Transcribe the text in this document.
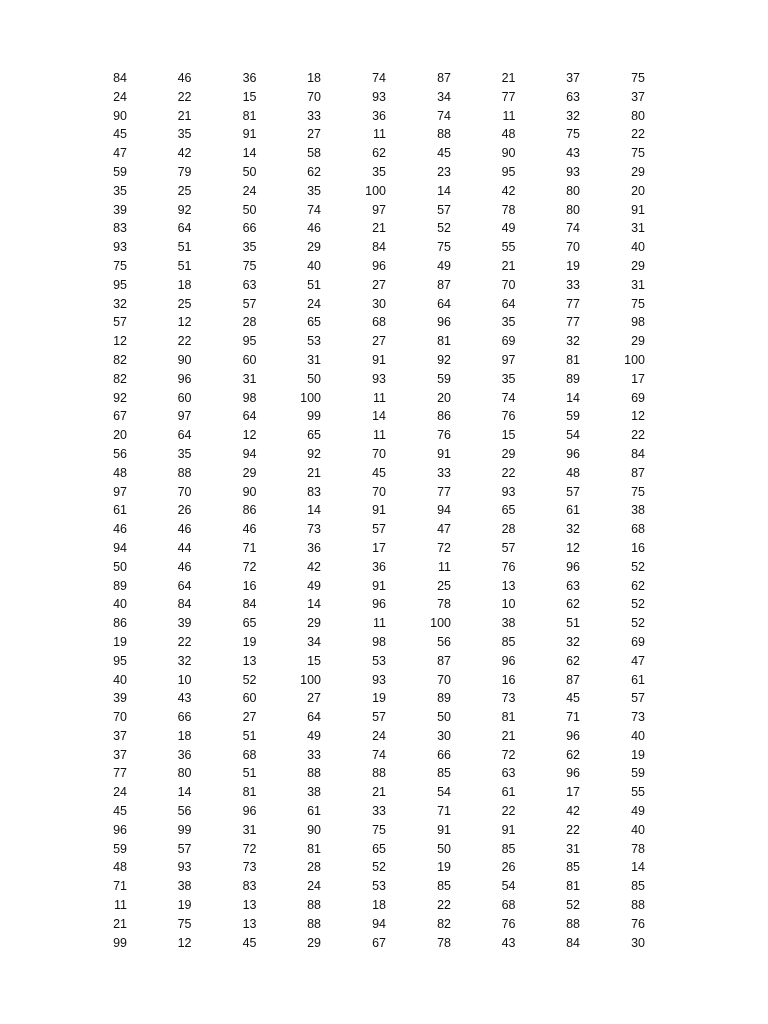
84	46	36	18	74	87	21	37	75
24	22	15	70	93	34	77	63	37
90	21	81	33	36	74	11	32	80
45	35	91	27	11	88	48	75	22
47	42	14	58	62	45	90	43	75
59	79	50	62	35	23	95	93	29
35	25	24	35	100	14	42	80	20
39	92	50	74	97	57	78	80	91
83	64	66	46	21	52	49	74	31
93	51	35	29	84	75	55	70	40
75	51	75	40	96	49	21	19	29
95	18	63	51	27	87	70	33	31
32	25	57	24	30	64	64	77	75
57	12	28	65	68	96	35	77	98
12	22	95	53	27	81	69	32	29
82	90	60	31	91	92	97	81	100
82	96	31	50	93	59	35	89	17
92	60	98	100	11	20	74	14	69
67	97	64	99	14	86	76	59	12
20	64	12	65	11	76	15	54	22
56	35	94	92	70	91	29	96	84
48	88	29	21	45	33	22	48	87
97	70	90	83	70	77	93	57	75
61	26	86	14	91	94	65	61	38
46	46	46	73	57	47	28	32	68
94	44	71	36	17	72	57	12	16
50	46	72	42	36	11	76	96	52
89	64	16	49	91	25	13	63	62
40	84	84	14	96	78	10	62	52
86	39	65	29	11	100	38	51	52
19	22	19	34	98	56	85	32	69
95	32	13	15	53	87	96	62	47
40	10	52	100	93	70	16	87	61
39	43	60	27	19	89	73	45	57
70	66	27	64	57	50	81	71	73
37	18	51	49	24	30	21	96	40
37	36	68	33	74	66	72	62	19
77	80	51	88	88	85	63	96	59
24	14	81	38	21	54	61	17	55
45	56	96	61	33	71	22	42	49
96	99	31	90	75	91	91	22	40
59	57	72	81	65	50	85	31	78
48	93	73	28	52	19	26	85	14
71	38	83	24	53	85	54	81	85
11	19	13	88	18	22	68	52	88
21	75	13	88	94	82	76	88	76
99	12	45	29	67	78	43	84	30
